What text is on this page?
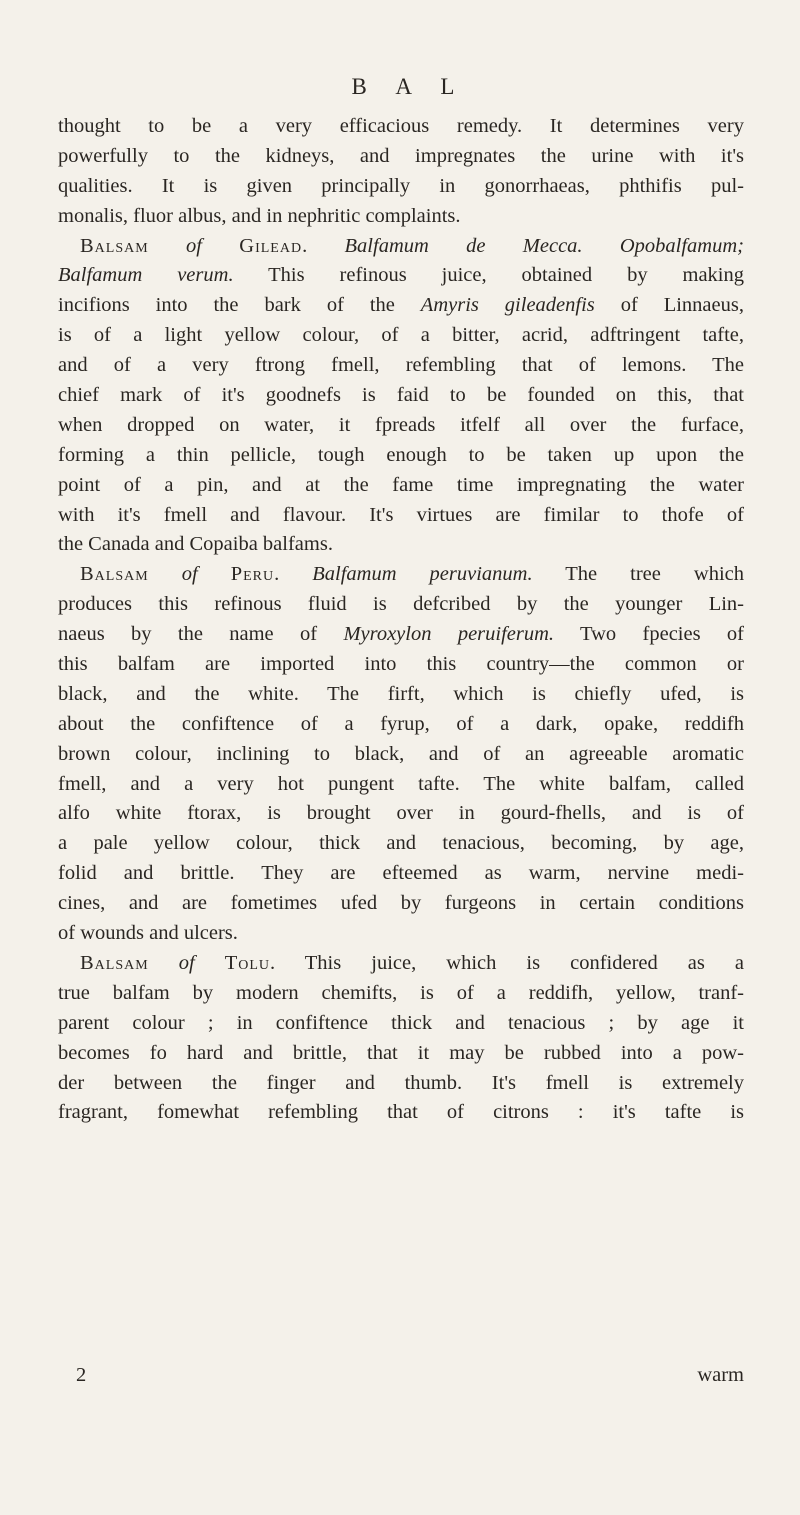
B A L
thought to be a very efficacious remedy. It determines very
powerfully to the kidneys, and impregnates the urine with it's
qualities. It is given principally in gonorrhaeas, phthifis pul-
monalis, fluor albus, and in nephritic complaints.
Balsam of Gilead. Balfamum de Mecca. Opobalfamum;
Balfamum verum. This refinous juice, obtained by making
incifions into the bark of the Amyris gileadenfis of Linnaeus,
is of a light yellow colour, of a bitter, acrid, adftringent tafte,
and of a very ftrong fmell, refembling that of lemons. The
chief mark of it's goodnefs is faid to be founded on this, that
when dropped on water, it fpreads itfelf all over the furface,
forming a thin pellicle, tough enough to be taken up upon the
point of a pin, and at the fame time impregnating the water
with it's fmell and flavour. It's virtues are fimilar to thofe of
the Canada and Copaiba balfams.
Balsam of Peru. Balfamum peruvianum. The tree which
produces this refinous fluid is defcribed by the younger Lin-
naeus by the name of Myroxylon peruiferum. Two fpecies of
this balfam are imported into this country—the common or
black, and the white. The firft, which is chiefly ufed, is
about the confiftence of a fyrup, of a dark, opake, reddifh
brown colour, inclining to black, and of an agreeable aromatic
fmell, and a very hot pungent tafte. The white balfam, called
alfo white ftorax, is brought over in gourd-fhells, and is of
a pale yellow colour, thick and tenacious, becoming, by age,
folid and brittle. They are efteemed as warm, nervine medi-
cines, and are fometimes ufed by furgeons in certain conditions
of wounds and ulcers.
Balsam of Tolu. This juice, which is confidered as a
true balfam by modern chemifts, is of a reddifh, yellow, tranf-
parent colour ; in confiftence thick and tenacious ; by age it
becomes fo hard and brittle, that it may be rubbed into a pow-
der between the finger and thumb. It's fmell is extremely
fragrant, fomewhat refembling that of citrons : it's tafte is
2	warm
